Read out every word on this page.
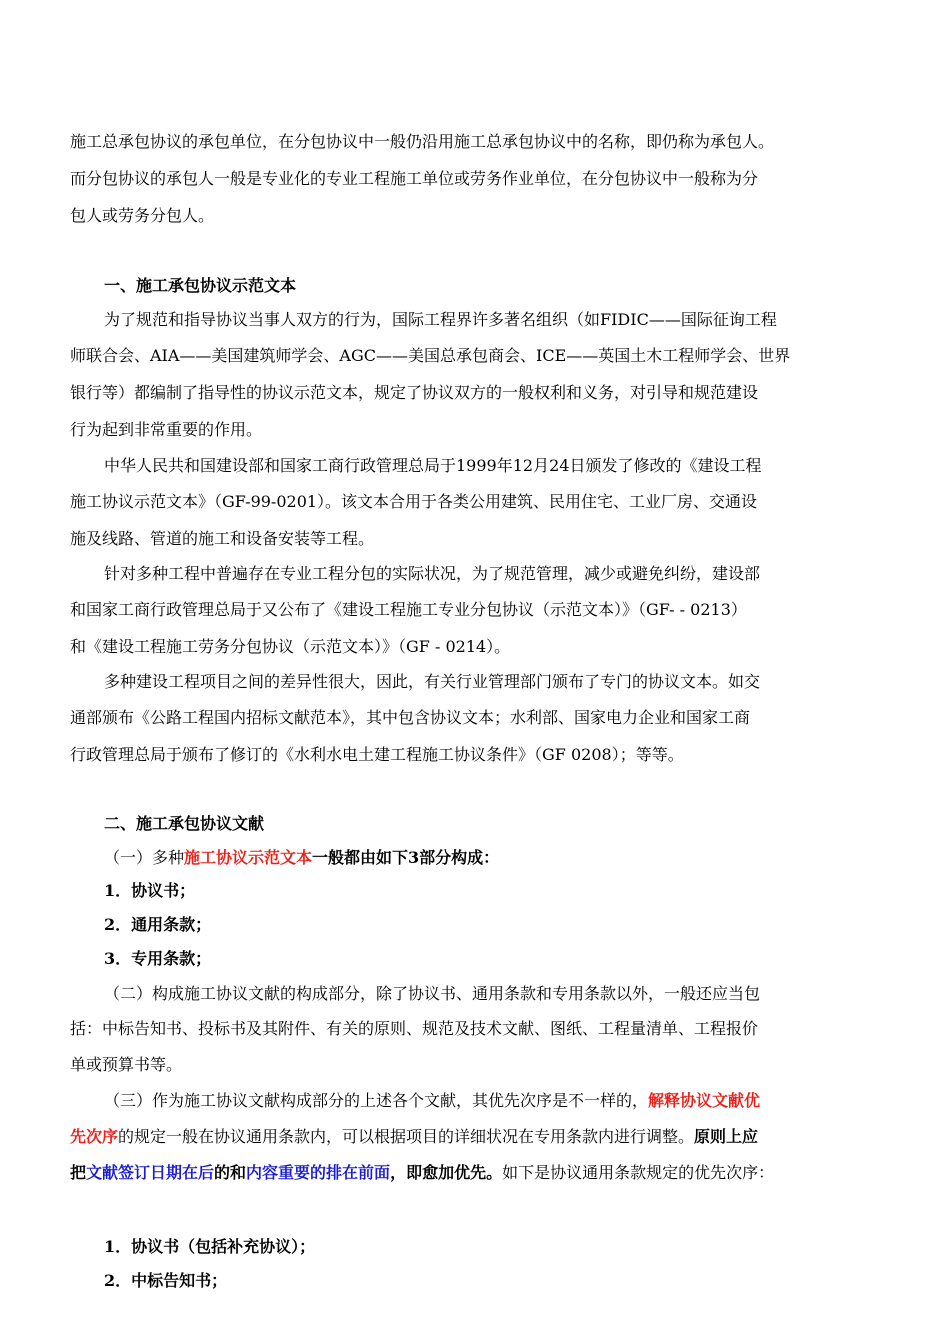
施工总承包协议的承包单位，在分包协议中一般仍沿用施工总承包协议中的名称，即仍称为承包人。
而分包协议的承包人一般是专业化的专业工程施工单位或劳务作业单位，在分包协议中一般称为分
包人或劳务分包人。
一、施工承包协议示范文本
为了规范和指导协议当事人双方的行为，国际工程界许多著名组织（如FIDIC——国际征询工程
师联合会、AIA——美国建筑师学会、AGC——美国总承包商会、ICE——英国土木工程师学会、世界
银行等）都编制了指导性的协议示范文本，规定了协议双方的一般权利和义务，对引导和规范建设
行为起到非常重要的作用。
中华人民共和国建设部和国家工商行政管理总局于1999年12月24日颁发了修改的《建设工程
施工协议示范文本》（GF-99-0201）。该文本合用于各类公用建筑、民用住宅、工业厂房、交通设
施及线路、管道的施工和设备安装等工程。
针对多种工程中普遍存在专业工程分包的实际状况，为了规范管理，减少或避免纠纷，建设部
和国家工商行政管理总局于又公布了《建设工程施工专业分包协议（示范文本）》（GF- - 0213）
和《建设工程施工劳务分包协议（示范文本）》（GF - 0214）。
多种建设工程项目之间的差异性很大，因此，有关行业管理部门颁布了专门的协议文本。如交
通部颁布《公路工程国内招标文献范本》，其中包含协议文本；水利部、国家电力企业和国家工商
行政管理总局于颁布了修订的《水利水电土建工程施工协议条件》（GF 0208）；等等。
二、施工承包协议文献
（一）多种施工协议示范文本一般都由如下3部分构成：
1．协议书；
2．通用条款；
3．专用条款；
（二）构成施工协议文献的构成部分，除了协议书、通用条款和专用条款以外，一般还应当包
括：中标告知书、投标书及其附件、有关的原则、规范及技术文献、图纸、工程量清单、工程报价
单或预算书等。
（三）作为施工协议文献构成部分的上述各个文献，其优先次序是不一样的，解释协议文献优
先次序的规定一般在协议通用条款内，可以根据项目的详细状况在专用条款内进行调整。原则上应
把文献签订日期在后的和内容重要的排在前面，即愈加优先。如下是协议通用条款规定的优先次序：
1．协议书（包括补充协议）；
2．中标告知书；
